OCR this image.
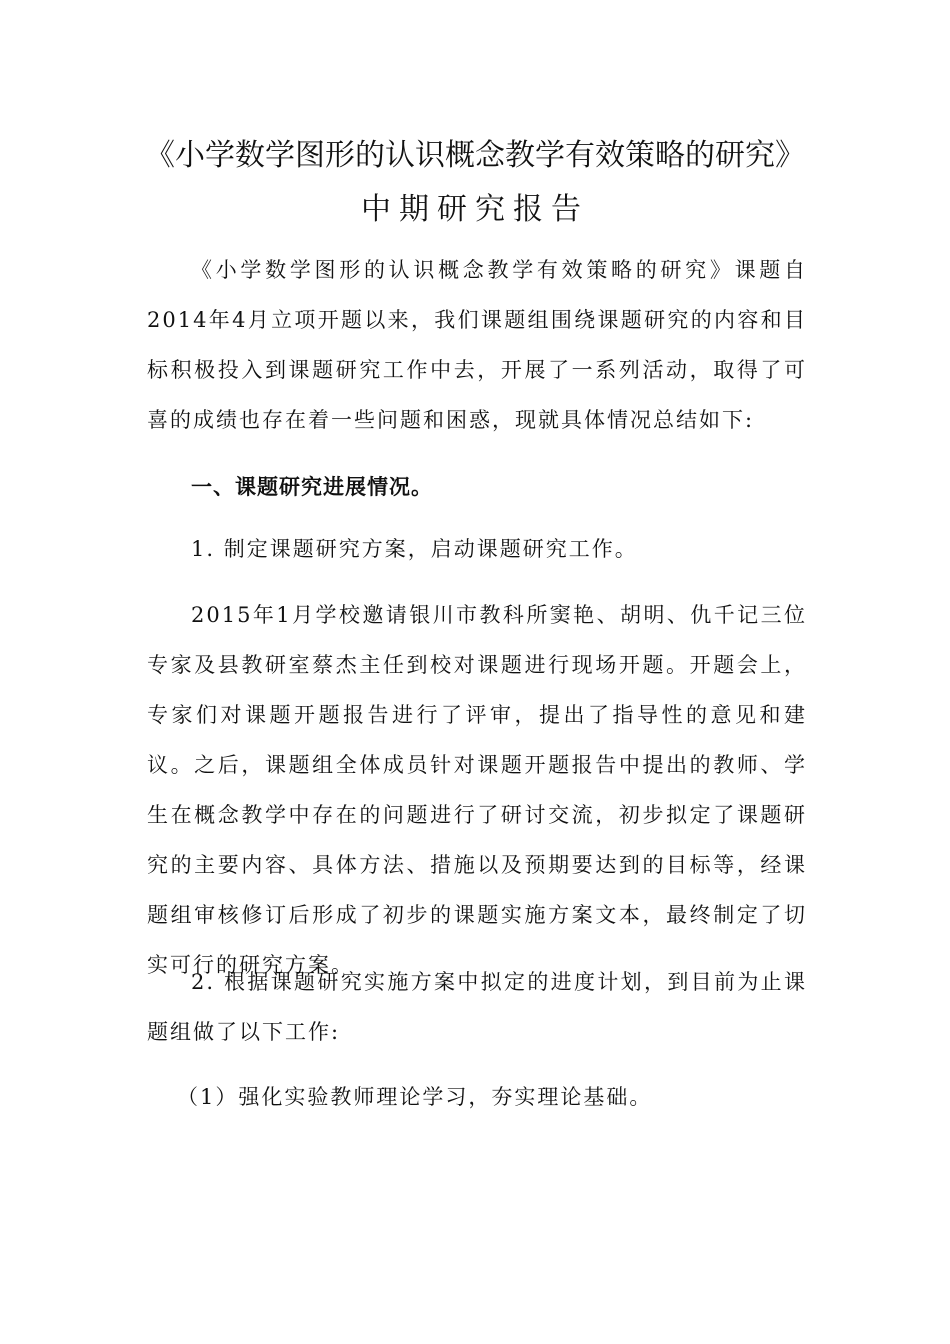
《小学数学图形的认识概念教学有效策略的研究》
中期研究报告
《小学数学图形的认识概念教学有效策略的研究》课题自2014年4月立项开题以来，我们课题组围绕课题研究的内容和目标积极投入到课题研究工作中去，开展了一系列活动，取得了可喜的成绩也存在着一些问题和困惑，现就具体情况总结如下:
一、课题研究进展情况。
1. 制定课题研究方案，启动课题研究工作。
2015年1月学校邀请银川市教科所窦艳、胡明、仇千记三位专家及县教研室蔡杰主任到校对课题进行现场开题。开题会上，专家们对课题开题报告进行了评审，提出了指导性的意见和建议。之后，课题组全体成员针对课题开题报告中提出的教师、学生在概念教学中存在的问题进行了研讨交流，初步拟定了课题研究的主要内容、具体方法、措施以及预期要达到的目标等，经课题组审核修订后形成了初步的课题实施方案文本，最终制定了切实可行的研究方案。
2. 根据课题研究实施方案中拟定的进度计划，到目前为止课题组做了以下工作:
（1）强化实验教师理论学习，夯实理论基础。
